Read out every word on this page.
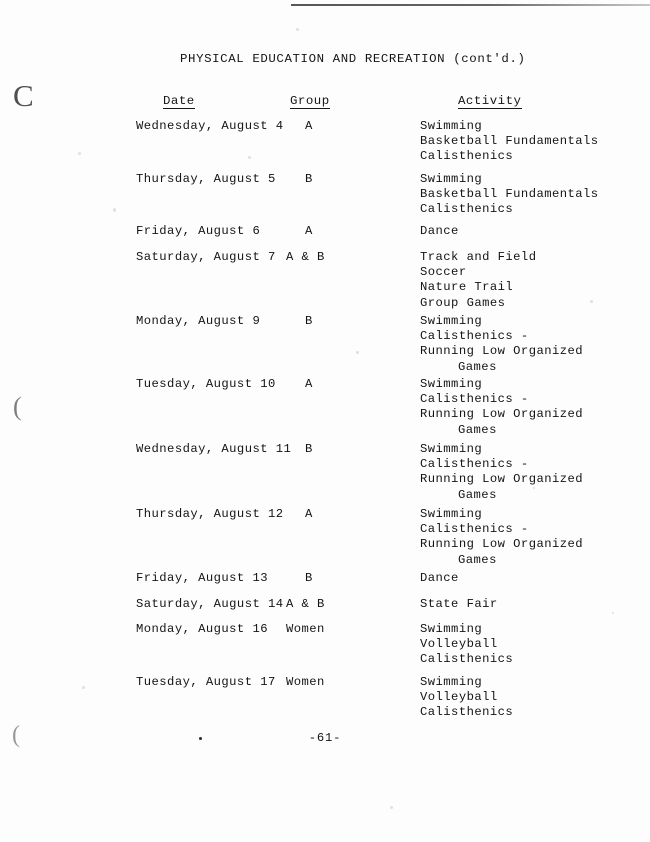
C
(
(
PHYSICAL EDUCATION AND RECREATION (cont'd.)
Date	Group	Activity
Wednesday, August 4 A	Swimming
Basketball Fundamentals
Calisthenics
Thursday, August 5 B	Swimming
Basketball Fundamentals
Calisthenics
Friday, August 6	A	Dance
Saturday, August 7 A & B	Track and Field
Soccer
Nature Trail
Group Games
Monday, August 9	B	Swimming
Calisthenics -
Running Low Organized
Games
Tuesday, August 10 A	Swimming
Calisthenics -
Running Low Organized
Games
Wednesday, August 11 B	Swimming
Calisthenics -
Running Low Organized
Games
Thursday, August 12 A	Swimming
Calisthenics -
Running Low Organized
Games
Friday, August 13	B	Dance
Saturday, August 14 A & B	State Fair
Monday, August 16 Women	Swimming
Volleyball
Calisthenics
Tuesday, August 17 Women	Swimming
Volleyball
Calisthenics
-61-
